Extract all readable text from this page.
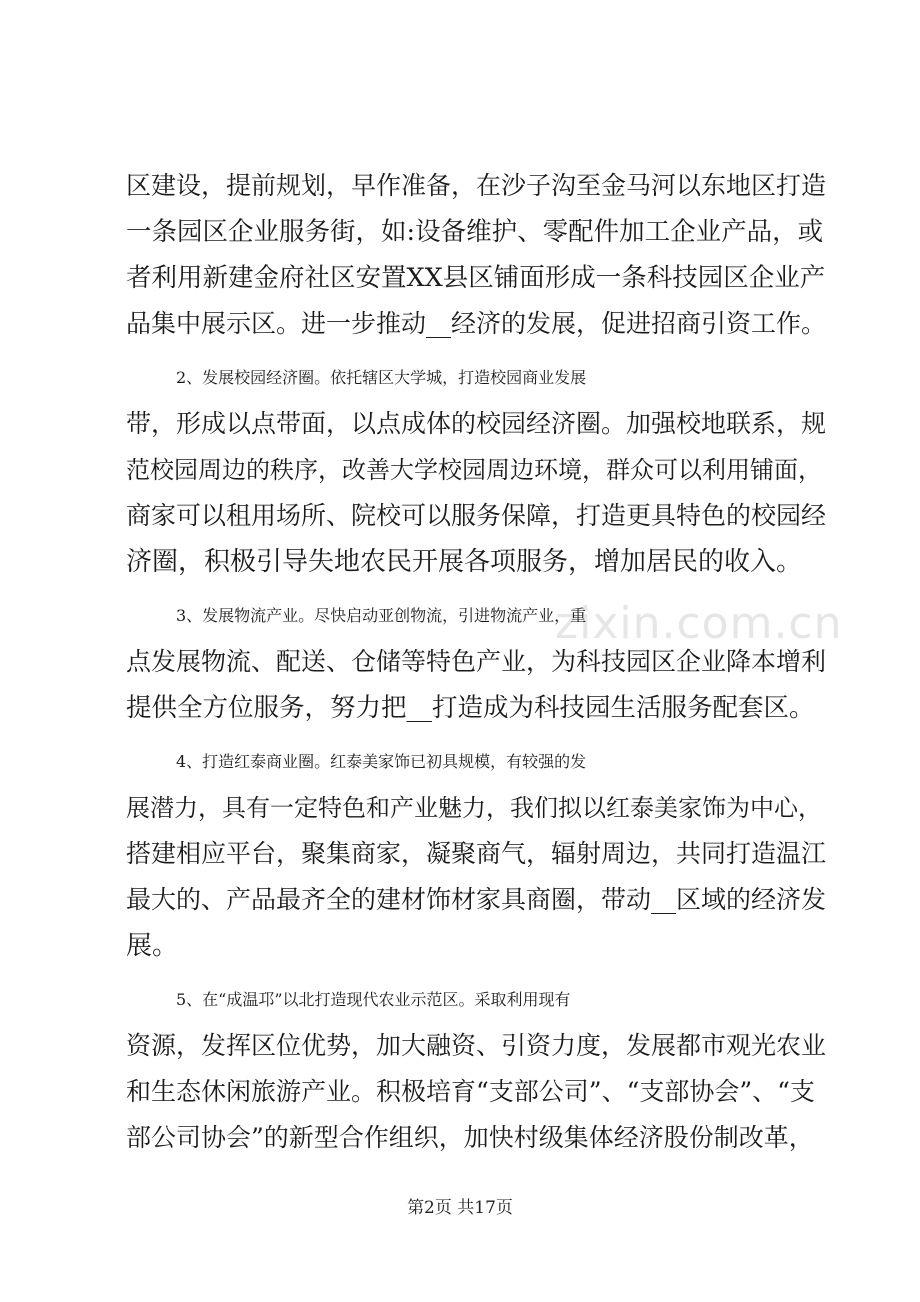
zixin.com.cn
区建设，提前规划，早作准备，在沙子沟至金马河以东地区打造
一条园区企业服务街，如:设备维护、零配件加工企业产品，或
者利用新建金府社区安置XX县区铺面形成一条科技园区企业产
品集中展示区。进一步推动__经济的发展，促进招商引资工作。
2、发展校园经济圈。依托辖区大学城，打造校园商业发展
带，形成以点带面，以点成体的校园经济圈。加强校地联系，规
范校园周边的秩序，改善大学校园周边环境，群众可以利用铺面，
商家可以租用场所、院校可以服务保障，打造更具特色的校园经
济圈，积极引导失地农民开展各项服务，增加居民的收入。
3、发展物流产业。尽快启动亚创物流，引进物流产业，重
点发展物流、配送、仓储等特色产业，为科技园区企业降本增利
提供全方位服务，努力把__打造成为科技园生活服务配套区。
4、打造红泰商业圈。红泰美家饰已初具规模，有较强的发
展潜力，具有一定特色和产业魅力，我们拟以红泰美家饰为中心，
搭建相应平台，聚集商家，凝聚商气，辐射周边，共同打造温江
最大的、产品最齐全的建材饰材家具商圈，带动__区域的经济发
展。
5、在“成温邛”以北打造现代农业示范区。采取利用现有
资源，发挥区位优势，加大融资、引资力度，发展都市观光农业
和生态休闲旅游产业。积极培育“支部公司”、“支部协会”、“支
部公司协会”的新型合作组织，加快村级集体经济股份制改革，
第2页 共17页
